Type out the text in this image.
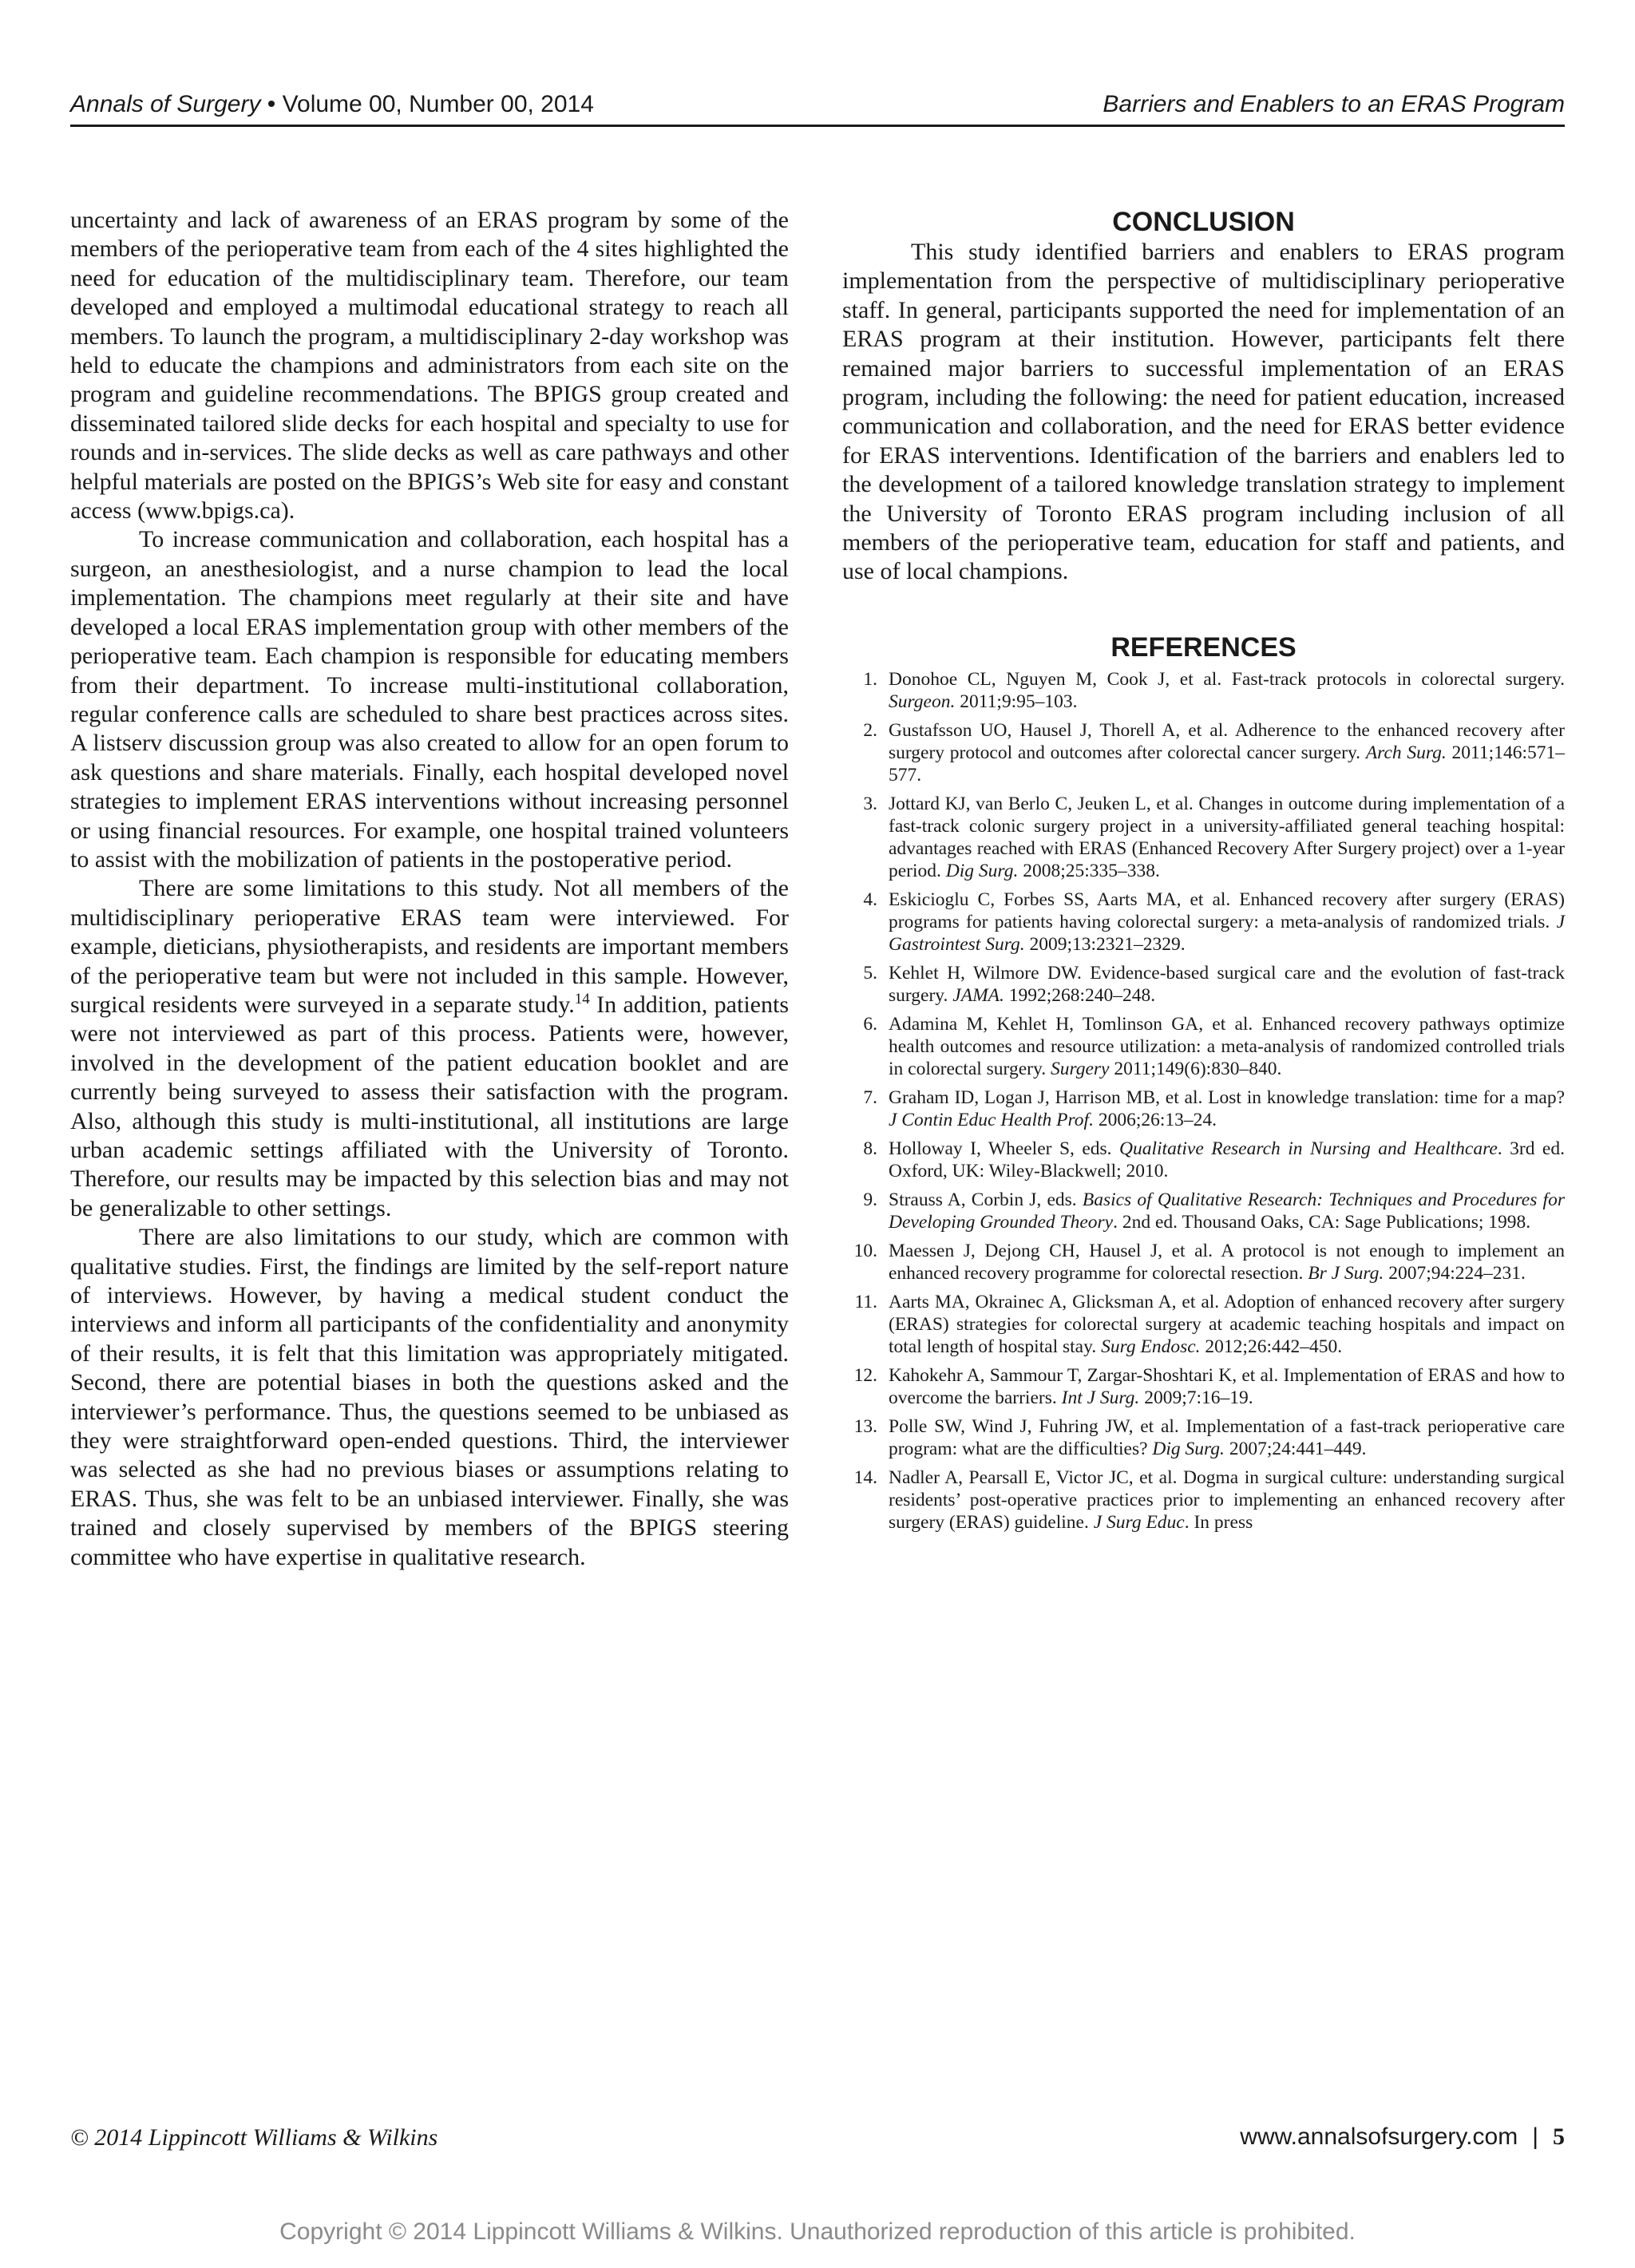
Annals of Surgery • Volume 00, Number 00, 2014	Barriers and Enablers to an ERAS Program

uncertainty and lack of awareness of an ERAS program by some of the members of the perioperative team from each of the 4 sites highlighted the need for education of the multidisciplinary team. Therefore, our team developed and employed a multimodal educational strategy to reach all members. To launch the program, a multidisciplinary 2-day workshop was held to educate the champions and administrators from each site on the program and guideline recommendations. The BPIGS group created and disseminated tailored slide decks for each hospital and specialty to use for rounds and in-services. The slide decks as well as care pathways and other helpful materials are posted on the BPIGS’s Web site for easy and constant access (www.bpigs.ca).

To increase communication and collaboration, each hospital has a surgeon, an anesthesiologist, and a nurse champion to lead the local implementation. The champions meet regularly at their site and have developed a local ERAS implementation group with other members of the perioperative team. Each champion is responsible for educating members from their department. To increase multi-institutional collaboration, regular conference calls are scheduled to share best practices across sites. A listserv discussion group was also created to allow for an open forum to ask questions and share materials. Finally, each hospital developed novel strategies to implement ERAS interventions without increasing personnel or using financial resources. For example, one hospital trained volunteers to assist with the mobilization of patients in the postoperative period.

There are some limitations to this study. Not all members of the multidisciplinary perioperative ERAS team were interviewed. For example, dieticians, physiotherapists, and residents are important members of the perioperative team but were not included in this sample. However, surgical residents were surveyed in a separate study.$^{14}$ In addition, patients were not interviewed as part of this process. Patients were, however, involved in the development of the patient education booklet and are currently being surveyed to assess their satisfaction with the program. Also, although this study is multi-institutional, all institutions are large urban academic settings affiliated with the University of Toronto. Therefore, our results may be impacted by this selection bias and may not be generalizable to other settings.

There are also limitations to our study, which are common with qualitative studies. First, the findings are limited by the self-report nature of interviews. However, by having a medical student conduct the interviews and inform all participants of the confidentiality and anonymity of their results, it is felt that this limitation was appropriately mitigated. Second, there are potential biases in both the questions asked and the interviewer’s performance. Thus, the questions seemed to be unbiased as they were straightforward open-ended questions. Third, the interviewer was selected as she had no previous biases or assumptions relating to ERAS. Thus, she was felt to be an unbiased interviewer. Finally, she was trained and closely supervised by members of the BPIGS steering committee who have expertise in qualitative research.

CONCLUSION

This study identified barriers and enablers to ERAS program implementation from the perspective of multidisciplinary perioperative staff. In general, participants supported the need for implementation of an ERAS program at their institution. However, participants felt there remained major barriers to successful implementation of an ERAS program, including the following: the need for patient education, increased communication and collaboration, and the need for ERAS better evidence for ERAS interventions. Identification of the barriers and enablers led to the development of a tailored knowledge translation strategy to implement the University of Toronto ERAS program including inclusion of all members of the perioperative team, education for staff and patients, and use of local champions.

REFERENCES
1. Donohoe CL, Nguyen M, Cook J, et al. Fast-track protocols in colorectal surgery. Surgeon. 2011;9:95–103.
2. Gustafsson UO, Hausel J, Thorell A, et al. Adherence to the enhanced recovery after surgery protocol and outcomes after colorectal cancer surgery. Arch Surg. 2011;146:571–577.
3. Jottard KJ, van Berlo C, Jeuken L, et al. Changes in outcome during implementation of a fast-track colonic surgery project in a university-affiliated general teaching hospital: advantages reached with ERAS (Enhanced Recovery After Surgery project) over a 1-year period. Dig Surg. 2008;25:335–338.
4. Eskicioglu C, Forbes SS, Aarts MA, et al. Enhanced recovery after surgery (ERAS) programs for patients having colorectal surgery: a meta-analysis of randomized trials. J Gastrointest Surg. 2009;13:2321–2329.
5. Kehlet H, Wilmore DW. Evidence-based surgical care and the evolution of fast-track surgery. JAMA. 1992;268:240–248.
6. Adamina M, Kehlet H, Tomlinson GA, et al. Enhanced recovery pathways optimize health outcomes and resource utilization: a meta-analysis of randomized controlled trials in colorectal surgery. Surgery 2011;149(6):830–840.
7. Graham ID, Logan J, Harrison MB, et al. Lost in knowledge translation: time for a map? J Contin Educ Health Prof. 2006;26:13–24.
8. Holloway I, Wheeler S, eds. Qualitative Research in Nursing and Healthcare. 3rd ed. Oxford, UK: Wiley-Blackwell; 2010.
9. Strauss A, Corbin J, eds. Basics of Qualitative Research: Techniques and Procedures for Developing Grounded Theory. 2nd ed. Thousand Oaks, CA: Sage Publications; 1998.
10. Maessen J, Dejong CH, Hausel J, et al. A protocol is not enough to implement an enhanced recovery programme for colorectal resection. Br J Surg. 2007;94:224–231.
11. Aarts MA, Okrainec A, Glicksman A, et al. Adoption of enhanced recovery after surgery (ERAS) strategies for colorectal surgery at academic teaching hospitals and impact on total length of hospital stay. Surg Endosc. 2012;26:442–450.
12. Kahokehr A, Sammour T, Zargar-Shoshtari K, et al. Implementation of ERAS and how to overcome the barriers. Int J Surg. 2009;7:16–19.
13. Polle SW, Wind J, Fuhring JW, et al. Implementation of a fast-track perioperative care program: what are the difficulties? Dig Surg. 2007;24:441–449.
14. Nadler A, Pearsall E, Victor JC, et al. Dogma in surgical culture: understanding surgical residents’ post-operative practices prior to implementing an enhanced recovery after surgery (ERAS) guideline. J Surg Educ. In press
© 2014 Lippincott Williams & Wilkins	www.annalsofsurgery.com | 5
Copyright © 2014 Lippincott Williams & Wilkins. Unauthorized reproduction of this article is prohibited.
